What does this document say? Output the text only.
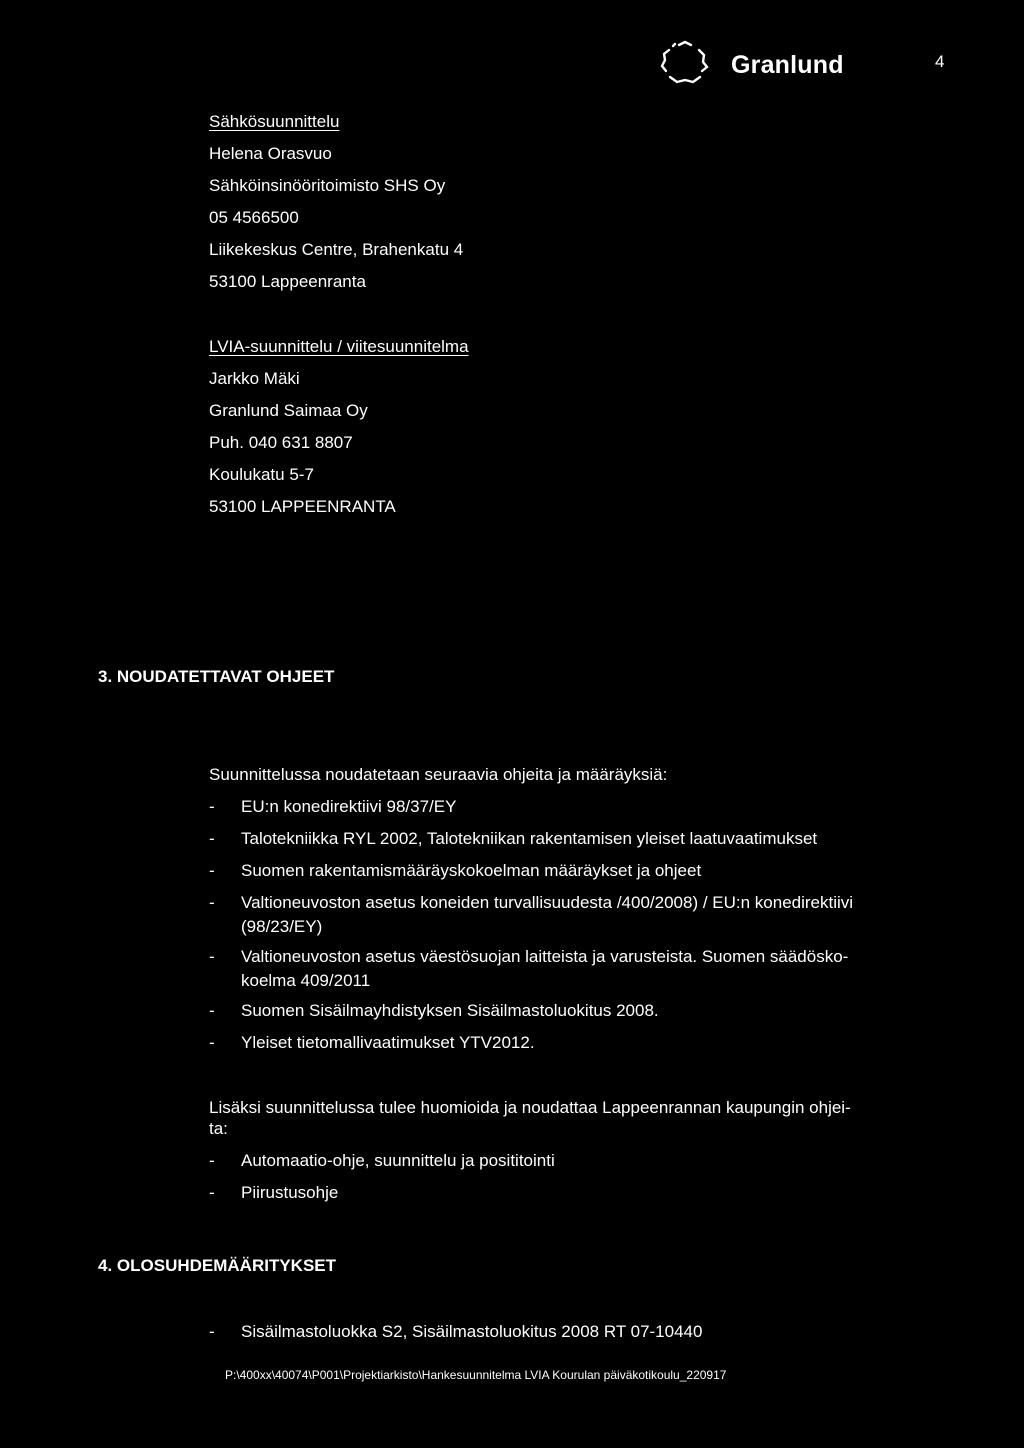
Granlund	4
Sähkösuunnittelu
Helena Orasvuo
Sähköinsinööritoimisto SHS Oy
05 4566500
Liikekeskus Centre, Brahenkatu 4
53100 Lappeenranta
LVIA-suunnittelu / viitesuunnitelma
Jarkko Mäki
Granlund Saimaa Oy
Puh. 040 631 8807
Koulukatu 5-7
53100 LAPPEENRANTA
3. NOUDATETTAVAT OHJEET
Suunnittelussa noudatetaan seuraavia ohjeita ja määräyksiä:
- EU:n konedirektiivi 98/37/EY
- Talotekniikka RYL 2002, Talotekniikan rakentamisen yleiset laatuvaatimukset
- Suomen rakentamismääräyskokoelman määräykset ja ohjeet
- Valtioneuvoston asetus koneiden turvallisuudesta /400/2008) / EU:n konedirektiivi
(98/23/EY)
- Valtioneuvoston asetus väestösuojan laitteista ja varusteista. Suomen säädösko-
koelma 409/2011
- Suomen Sisäilmayhdistyksen Sisäilmastoluokitus 2008.
- Yleiset tietomallivaatimukset YTV2012.
Lisäksi suunnittelussa tulee huomioida ja noudattaa Lappeenrannan kaupungin ohjei-
ta:
- Automaatio-ohje, suunnittelu ja posititointi
- Piirustusohje
4. OLOSUHDEMÄÄRITYKSET
- Sisäilmastoluokka S2, Sisäilmastoluokitus 2008 RT 07-10440
P:\400xx\40074\P001\Projektiarkisto\Hankesuunnitelma LVIA Kourulan päiväkotikoulu_220917
